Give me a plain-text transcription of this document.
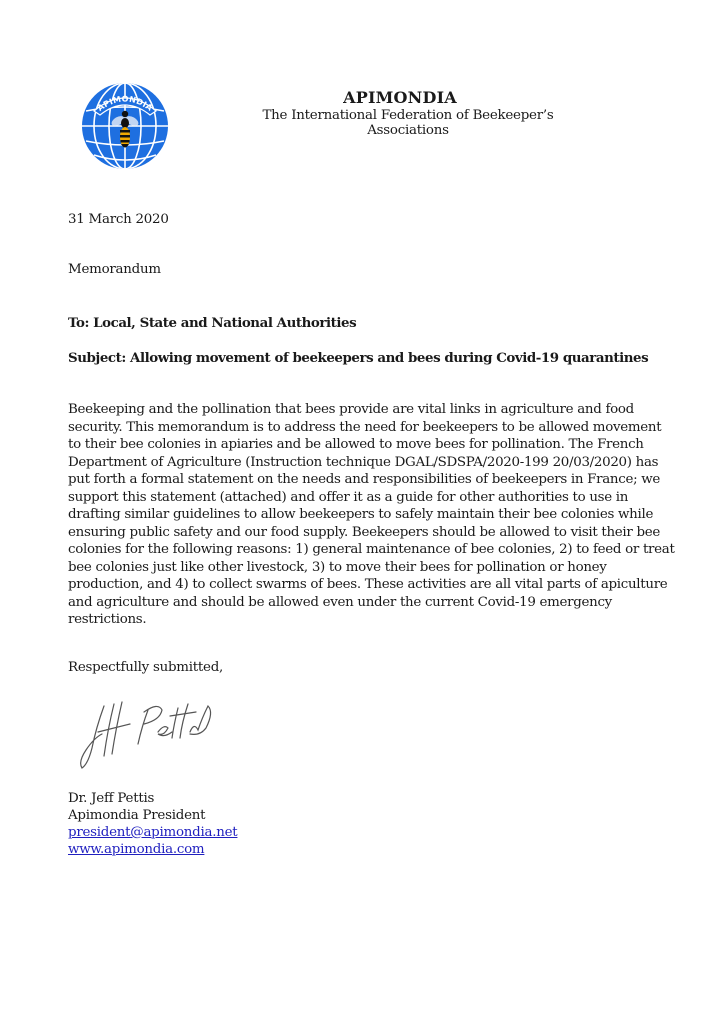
APIMONDIA
APIMONDIA
The International Federation of Beekeeper’s Associations
31 March 2020
Memorandum
To: Local, State and National Authorities
Subject: Allowing movement of beekeepers and bees during Covid-19 quarantines
Beekeeping and the pollination that bees provide are vital links in agriculture and food
security. This memorandum is to address the need for beekeepers to be allowed movement
to their bee colonies in apiaries and be allowed to move bees for pollination. The French
Department of Agriculture (Instruction technique DGAL/SDSPA/2020-199 20/03/2020) has
put forth a formal statement on the needs and responsibilities of beekeepers in France; we
support this statement (attached) and offer it as a guide for other authorities to use in
drafting similar guidelines to allow beekeepers to safely maintain their bee colonies while
ensuring public safety and our food supply. Beekeepers should be allowed to visit their bee
colonies for the following reasons: 1) general maintenance of bee colonies, 2) to feed or treat
bee colonies just like other livestock, 3) to move their bees for pollination or honey
production, and 4) to collect swarms of bees. These activities are all vital parts of apiculture
and agriculture and should be allowed even under the current Covid-19 emergency
restrictions.
Respectfully submitted,
Dr. Jeff Pettis
Apimondia President
president@apimondia.net
www.apimondia.com
